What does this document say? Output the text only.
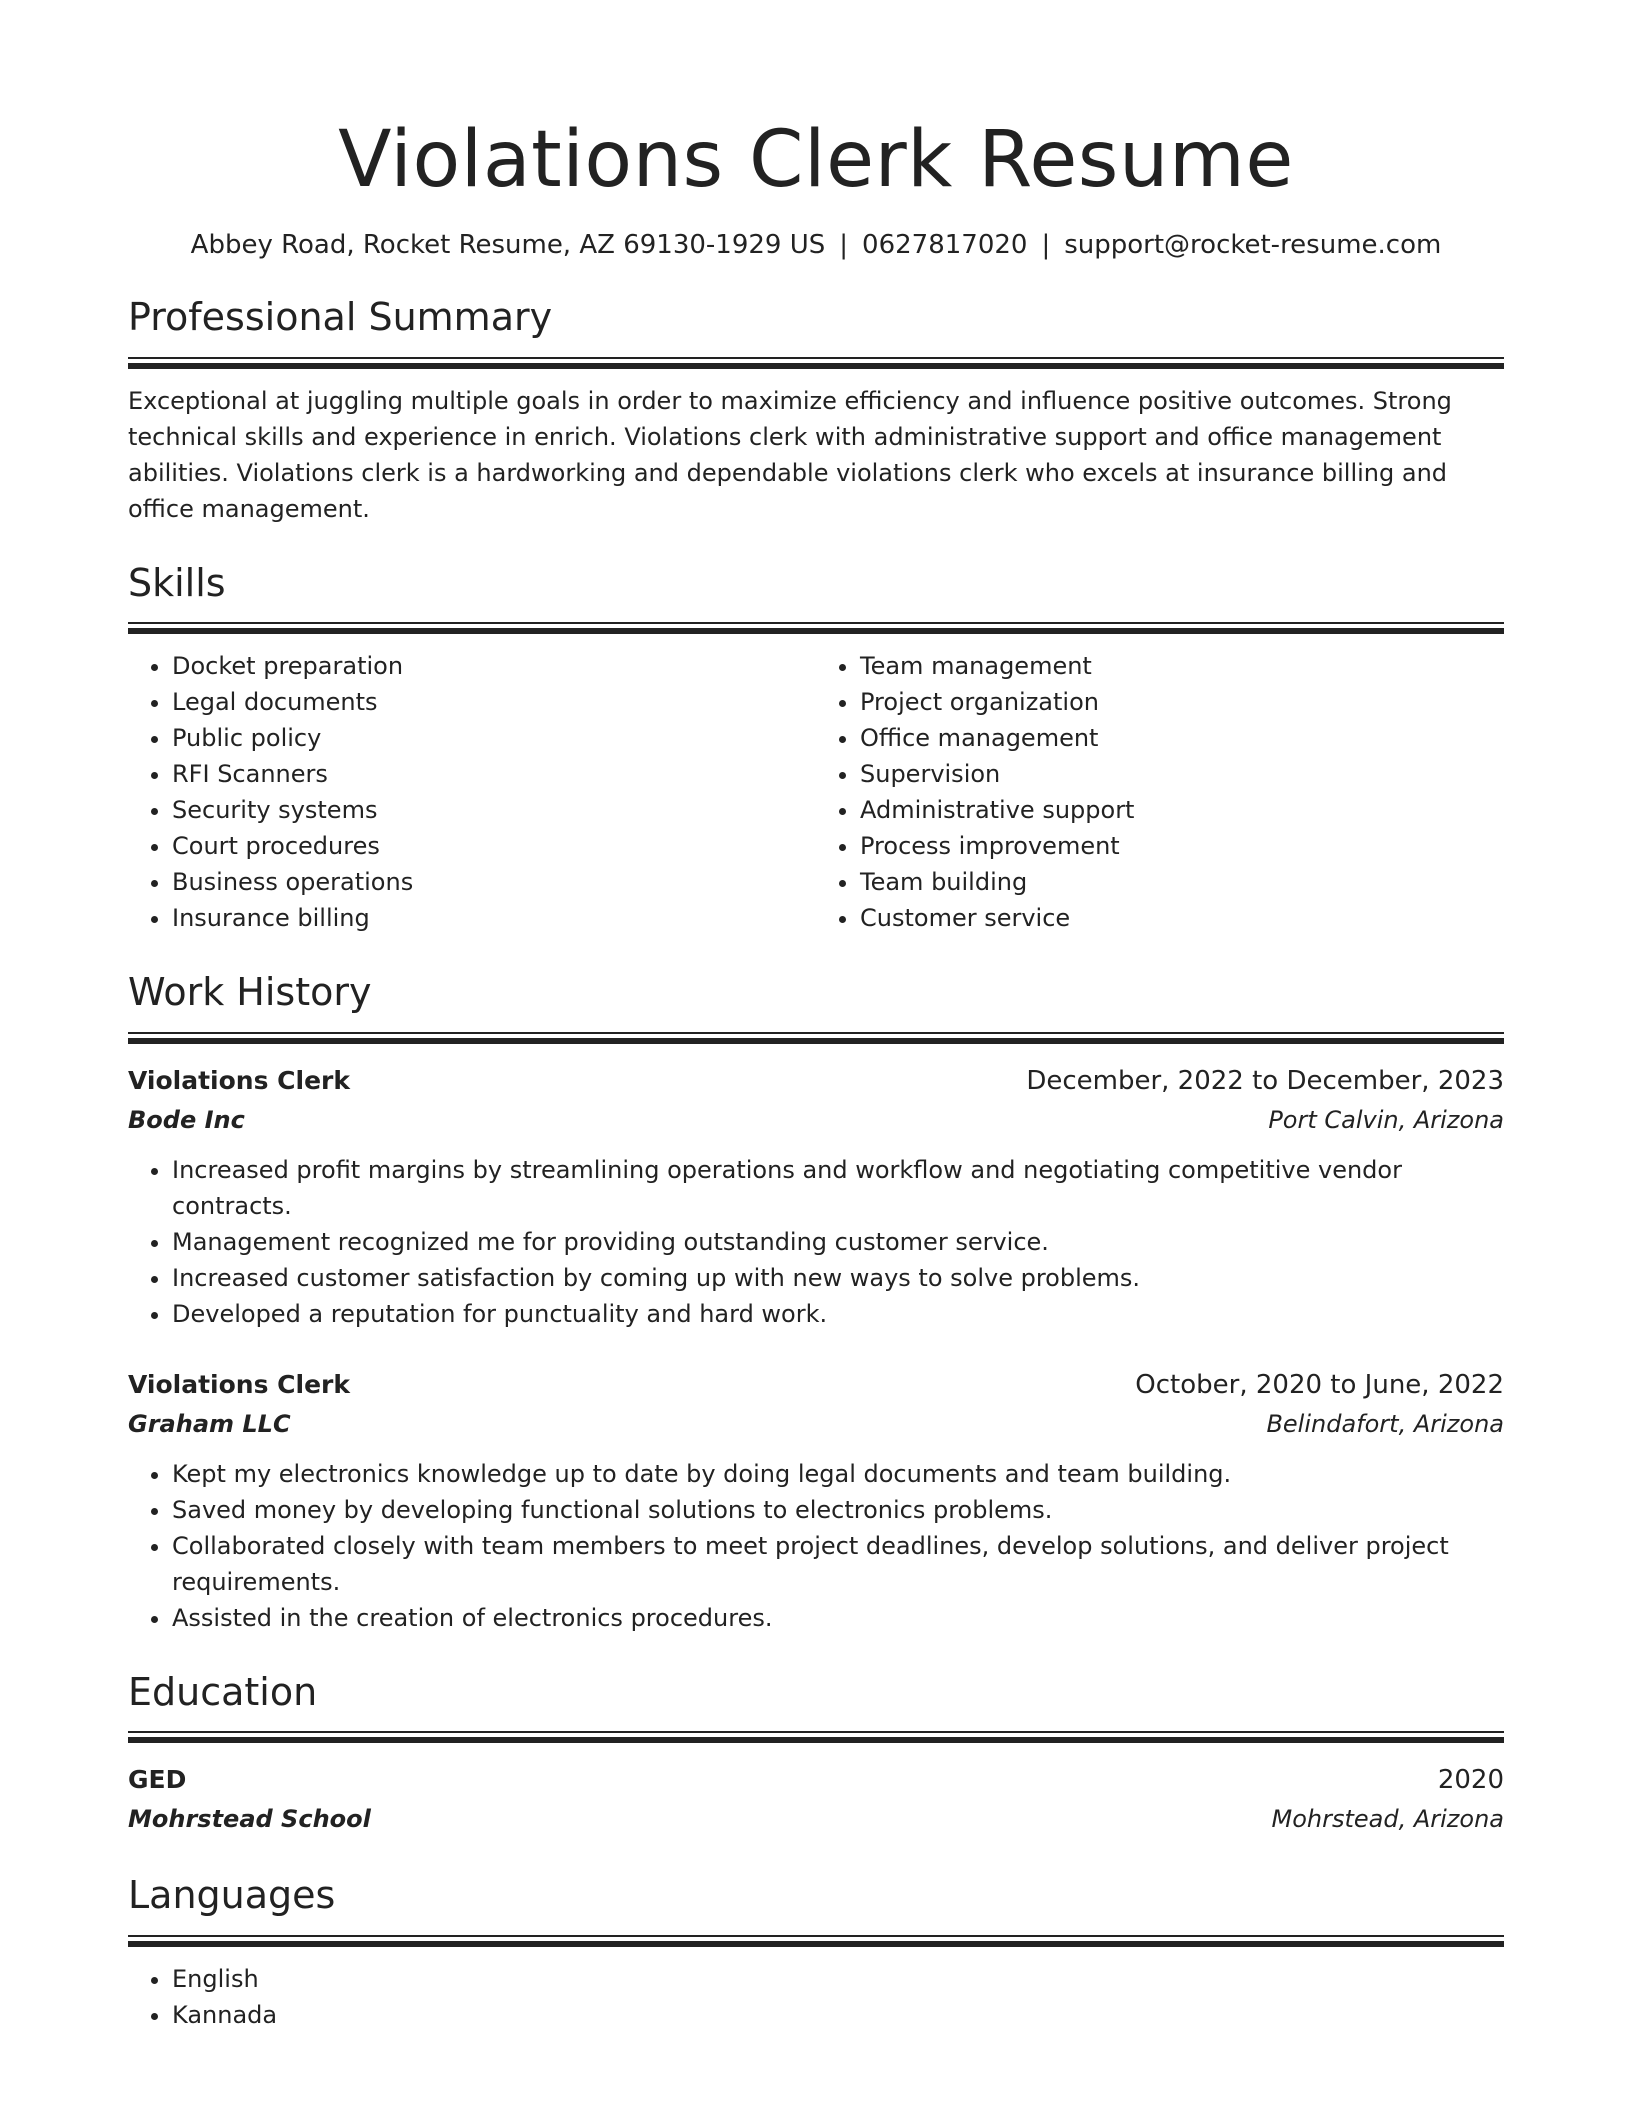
Violations Clerk Resume
Abbey Road, Rocket Resume, AZ 69130-1929 US | 0627817020 | support@rocket-resume.com
Professional Summary
Exceptional at juggling multiple goals in order to maximize efficiency and influence positive outcomes. Strong technical skills and experience in enrich. Violations clerk with administrative support and office management abilities. Violations clerk is a hardworking and dependable violations clerk who excels at insurance billing and office management.
Skills
• Docket preparation
• Legal documents
• Public policy
• RFI Scanners
• Security systems
• Court procedures
• Business operations
• Insurance billing
• Team management
• Project organization
• Office management
• Supervision
• Administrative support
• Process improvement
• Team building
• Customer service
Work History
Violations Clerk	December, 2022 to December, 2023
Bode Inc	Port Calvin, Arizona
• Increased profit margins by streamlining operations and workflow and negotiating competitive vendor contracts.
• Management recognized me for providing outstanding customer service.
• Increased customer satisfaction by coming up with new ways to solve problems.
• Developed a reputation for punctuality and hard work.
Violations Clerk	October, 2020 to June, 2022
Graham LLC	Belindafort, Arizona
• Kept my electronics knowledge up to date by doing legal documents and team building.
• Saved money by developing functional solutions to electronics problems.
• Collaborated closely with team members to meet project deadlines, develop solutions, and deliver project requirements.
• Assisted in the creation of electronics procedures.
Education
GED	2020
Mohrstead School	Mohrstead, Arizona
Languages
• English
• Kannada
